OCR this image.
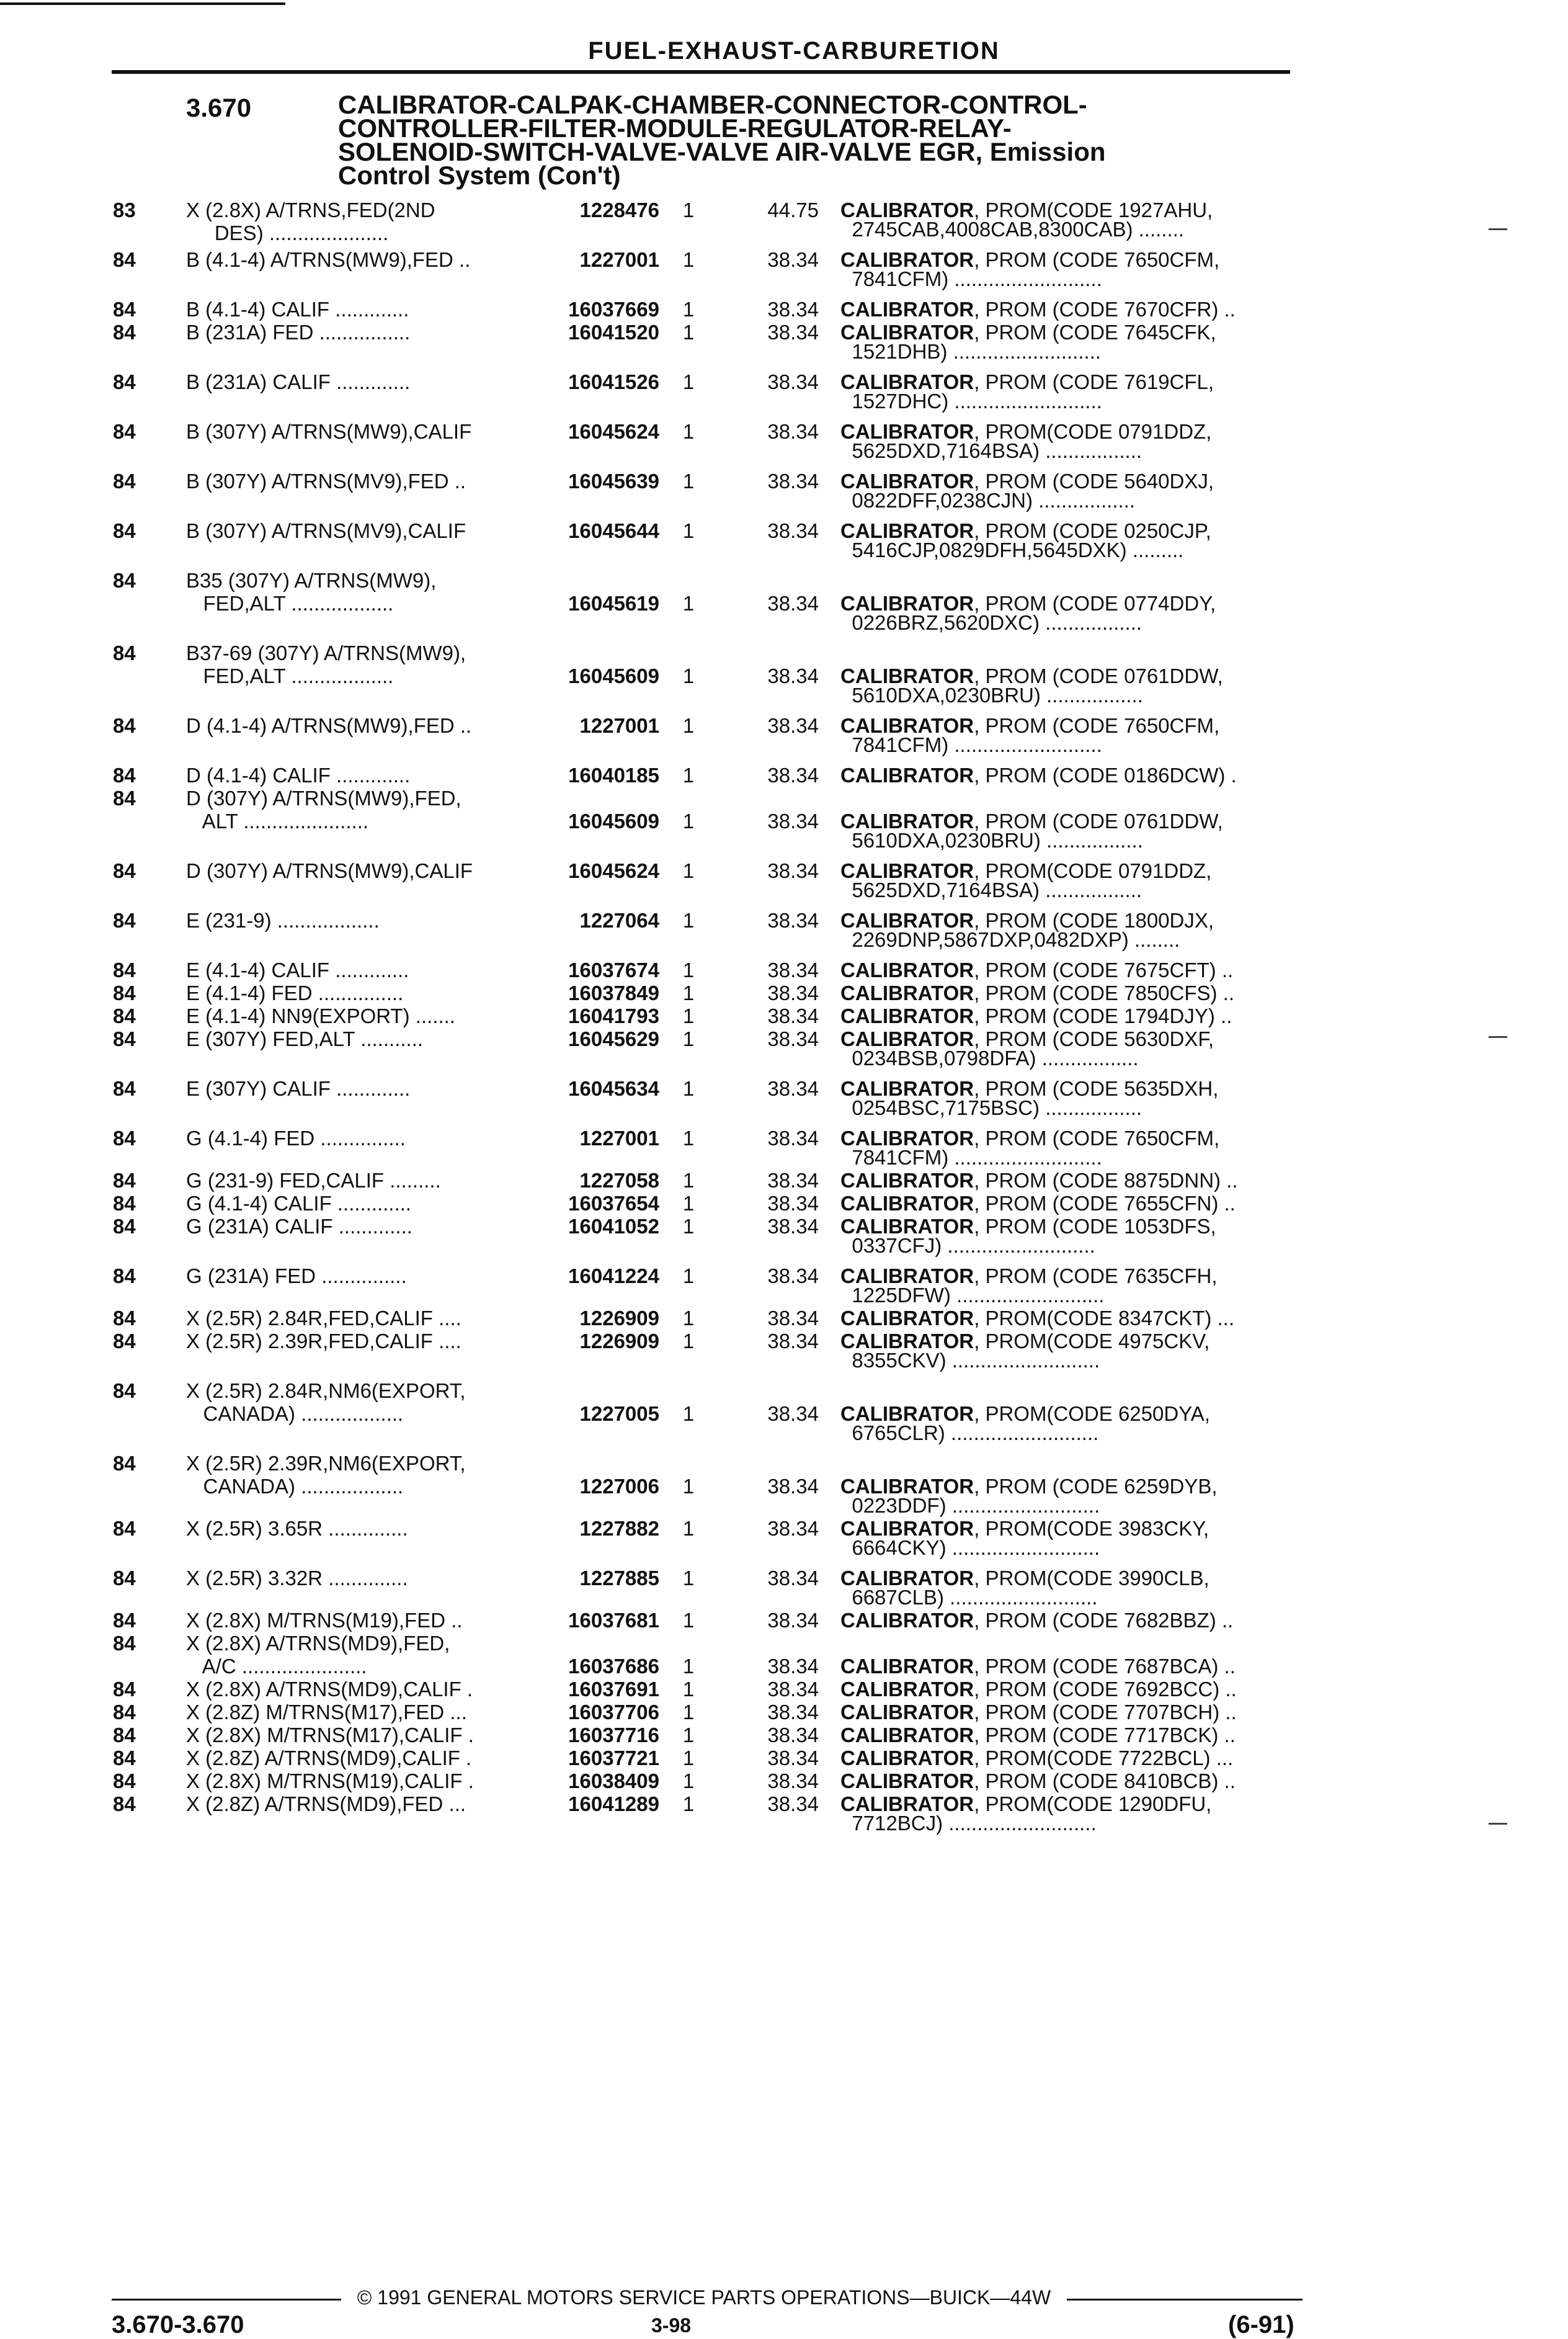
FUEL-EXHAUST-CARBURETION
3.670	CALIBRATOR-CALPAK-CHAMBER-CONNECTOR-CONTROL-
CONTROLLER-FILTER-MODULE-REGULATOR-RELAY-
SOLENOID-SWITCH-VALVE-VALVE AIR-VALVE EGR, Emission
Control System (Con't)
83	X (2.8X) A/TRNS,FED(2ND
DES) .....................
1228476 1	44.75 CALIBRATOR, PROM(CODE 1927AHU,
2745CAB,4008CAB,8300CAB) ........
84	B (4.1-4) A/TRNS(MW9),FED ..	1227001 1	38.34 CALIBRATOR, PROM (CODE 7650CFM,
7841CFM) ..........................
84	B (4.1-4) CALIF .............	16037669 1	38.34 CALIBRATOR, PROM (CODE 7670CFR) ..
84	B (231A) FED ................	16041520 1	38.34 CALIBRATOR, PROM (CODE 7645CFK,
1521DHB) ..........................
84	B (231A) CALIF .............	16041526 1	38.34 CALIBRATOR, PROM (CODE 7619CFL,
1527DHC) ..........................
84	B (307Y) A/TRNS(MW9),CALIF	16045624 1	38.34 CALIBRATOR, PROM(CODE 0791DDZ,
5625DXD,7164BSA) .................
84	B (307Y) A/TRNS(MV9),FED ..	16045639 1	38.34 CALIBRATOR, PROM (CODE 5640DXJ,
0822DFF,0238CJN) .................
84	B (307Y) A/TRNS(MV9),CALIF	16045644 1	38.34 CALIBRATOR, PROM (CODE 0250CJP,
5416CJP,0829DFH,5645DXK) .........
84	B35 (307Y) A/TRNS(MW9),
FED,ALT ..................	16045619 1	38.34 CALIBRATOR, PROM (CODE 0774DDY,
0226BRZ,5620DXC) .................
84	B37-69 (307Y) A/TRNS(MW9),
FED,ALT ..................	16045609 1	38.34 CALIBRATOR, PROM (CODE 0761DDW,
5610DXA,0230BRU) .................
84	D (4.1-4) A/TRNS(MW9),FED ..	1227001 1	38.34 CALIBRATOR, PROM (CODE 7650CFM,
7841CFM) ..........................
84	D (4.1-4) CALIF .............	16040185 1	38.34 CALIBRATOR, PROM (CODE 0186DCW) .
84	D (307Y) A/TRNS(MW9),FED,
ALT ......................	16045609 1	38.34 CALIBRATOR, PROM (CODE 0761DDW,
5610DXA,0230BRU) .................
84	D (307Y) A/TRNS(MW9),CALIF	16045624 1	38.34 CALIBRATOR, PROM(CODE 0791DDZ,
5625DXD,7164BSA) .................
84	E (231-9) ..................	1227064 1	38.34 CALIBRATOR, PROM (CODE 1800DJX,
2269DNP,5867DXP,0482DXP) ........
84	E (4.1-4) CALIF .............	16037674 1	38.34 CALIBRATOR, PROM (CODE 7675CFT) ..
84	E (4.1-4) FED ...............	16037849 1	38.34 CALIBRATOR, PROM (CODE 7850CFS) ..
84	E (4.1-4) NN9(EXPORT) .......	16041793 1	38.34 CALIBRATOR, PROM (CODE 1794DJY) ..
84	E (307Y) FED,ALT ...........	16045629 1	38.34 CALIBRATOR, PROM (CODE 5630DXF,
0234BSB,0798DFA) .................
84	E (307Y) CALIF .............	16045634 1	38.34 CALIBRATOR, PROM (CODE 5635DXH,
0254BSC,7175BSC) .................
84	G (4.1-4) FED ...............	1227001 1	38.34 CALIBRATOR, PROM (CODE 7650CFM,
7841CFM) ..........................
84	G (231-9) FED,CALIF .........	1227058 1	38.34 CALIBRATOR, PROM (CODE 8875DNN) ..
84	G (4.1-4) CALIF .............	16037654 1	38.34 CALIBRATOR, PROM (CODE 7655CFN) ..
84	G (231A) CALIF .............	16041052 1	38.34 CALIBRATOR, PROM (CODE 1053DFS,
0337CFJ) ..........................
84	G (231A) FED ...............	16041224 1	38.34 CALIBRATOR, PROM (CODE 7635CFH,
1225DFW) ..........................
84	X (2.5R) 2.84R,FED,CALIF ....	1226909 1	38.34 CALIBRATOR, PROM(CODE 8347CKT) ...
84	X (2.5R) 2.39R,FED,CALIF ....	1226909 1	38.34 CALIBRATOR, PROM(CODE 4975CKV,
8355CKV) ..........................
84	X (2.5R) 2.84R,NM6(EXPORT,
CANADA) ..................	1227005 1	38.34 CALIBRATOR, PROM(CODE 6250DYA,
6765CLR) ..........................
84	X (2.5R) 2.39R,NM6(EXPORT,
CANADA) ..................	1227006 1	38.34 CALIBRATOR, PROM (CODE 6259DYB,
0223DDF) ..........................
84	X (2.5R) 3.65R ..............	1227882 1	38.34 CALIBRATOR, PROM(CODE 3983CKY,
6664CKY) ..........................
84	X (2.5R) 3.32R ..............	1227885 1	38.34 CALIBRATOR, PROM(CODE 3990CLB,
6687CLB) ..........................
84	X (2.8X) M/TRNS(M19),FED ..	16037681 1	38.34 CALIBRATOR, PROM (CODE 7682BBZ) ..
84	X (2.8X) A/TRNS(MD9),FED,
A/C ......................	16037686 1	38.34 CALIBRATOR, PROM (CODE 7687BCA) ..
84	X (2.8X) A/TRNS(MD9),CALIF .	16037691 1	38.34 CALIBRATOR, PROM (CODE 7692BCC) ..
84	X (2.8Z) M/TRNS(M17),FED ...	16037706 1	38.34 CALIBRATOR, PROM (CODE 7707BCH) ..
84	X (2.8X) M/TRNS(M17),CALIF .	16037716 1	38.34 CALIBRATOR, PROM (CODE 7717BCK) ..
84	X (2.8Z) A/TRNS(MD9),CALIF .	16037721 1	38.34 CALIBRATOR, PROM(CODE 7722BCL) ...
84	X (2.8X) M/TRNS(M19),CALIF .	16038409 1	38.34 CALIBRATOR, PROM (CODE 8410BCB) ..
84	X (2.8Z) A/TRNS(MD9),FED ...	16041289 1	38.34 CALIBRATOR, PROM(CODE 1290DFU,
7712BCJ) ..........................
© 1991 GENERAL MOTORS SERVICE PARTS OPERATIONS—BUICK—44W
3.670-3.670	3-98	(6-91)
